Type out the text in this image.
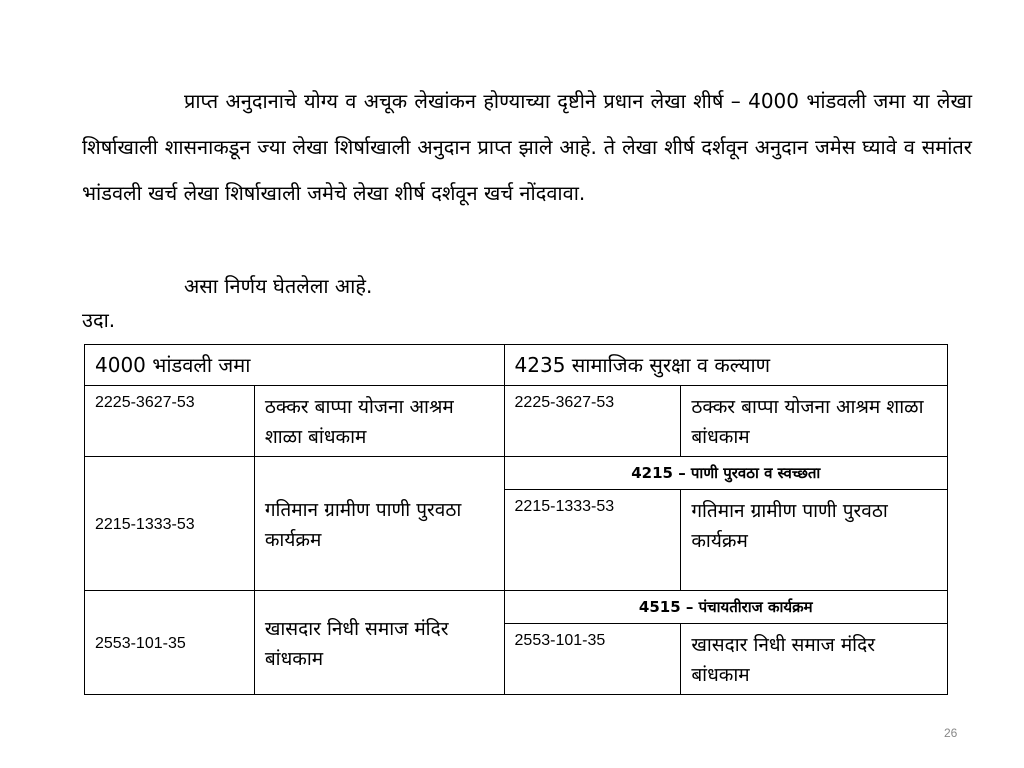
प्राप्त अनुदानाचे योग्य व अचूक लेखांकन होण्याच्या दृष्टीने प्रधान लेखा शीर्ष – 4000 भांडवली जमा या लेखा शिर्षाखाली शासनाकडून ज्या लेखा शिर्षाखाली अनुदान प्राप्त झाले आहे. ते लेखा शीर्ष दर्शवून अनुदान जमेस घ्यावे व समांतर भांडवली खर्च लेखा शिर्षाखाली जमेचे लेखा शीर्ष दर्शवून खर्च नोंदवावा.

असा निर्णय घेतलेला आहे.

उदा.

4000 भांडवली जमा		4235 सामाजिक सुरक्षा व कल्याण	
2225-3627-53	ठक्कर बाप्पा योजना आश्रम शाळा बांधकाम	2225-3627-53	ठक्कर बाप्पा योजना आश्रम शाळा बांधकाम
2215-1333-53	गतिमान ग्रामीण पाणी पुरवठा कार्यक्रम	4215 – पाणी पुरवठा व स्वच्छता	
		2215-1333-53	गतिमान ग्रामीण पाणी पुरवठा कार्यक्रम
2553-101-35	खासदार निधी समाज मंदिर बांधकाम	4515 – पंचायतीराज कार्यक्रम	
		2553-101-35	खासदार निधी समाज मंदिर बांधकाम
26
